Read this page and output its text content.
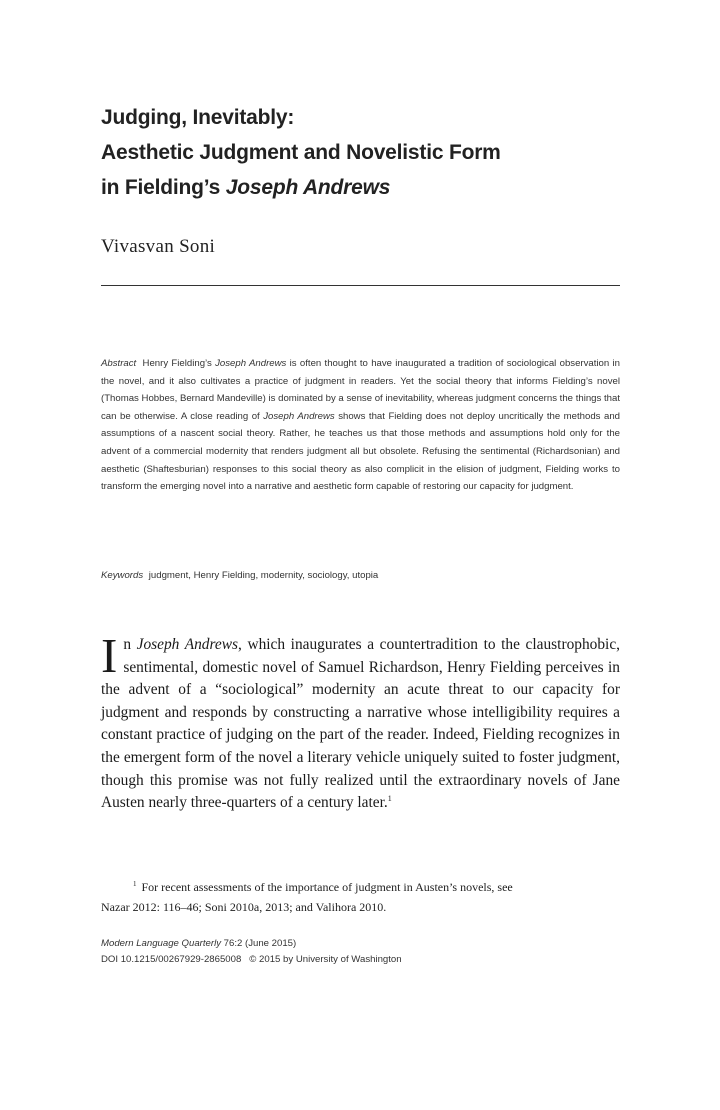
Judging, Inevitably:
Aesthetic Judgment and Novelistic Form
in Fielding’s Joseph Andrews
Vivasvan Soni
Abstract Henry Fielding’s Joseph Andrews is often thought to have inaugurated a tradition of sociological observation in the novel, and it also cultivates a practice of judgment in readers. Yet the social theory that informs Fielding’s novel (Thomas Hobbes, Bernard Mandeville) is dominated by a sense of inevitability, whereas judgment concerns the things that can be otherwise. A close reading of Joseph Andrews shows that Fielding does not deploy uncritically the methods and assumptions of a nascent social theory. Rather, he teaches us that those methods and assumptions hold only for the advent of a commercial modernity that renders judgment all but obsolete. Refusing the sentimental (Richardsonian) and aesthetic (Shaftesburian) responses to this social theory as also complicit in the elision of judgment, Fielding works to transform the emerging novel into a narrative and aesthetic form capable of restoring our capacity for judgment.
Keywords judgment, Henry Fielding, modernity, sociology, utopia
In Joseph Andrews, which inaugurates a countertradition to the claustrophobic, sentimental, domestic novel of Samuel Richardson, Henry Fielding perceives in the advent of a “sociological” modernity an acute threat to our capacity for judgment and responds by constructing a narrative whose intelligibility requires a constant practice of judging on the part of the reader. Indeed, Fielding recognizes in the emergent form of the novel a literary vehicle uniquely suited to foster judgment, though this promise was not fully realized until the extraordinary novels of Jane Austen nearly three-quarters of a century later.$^1$
$^1$ For recent assessments of the importance of judgment in Austen’s novels, see
Nazar 2012: 116–46; Soni 2010a, 2013; and Valihora 2010.
Modern Language Quarterly 76:2 (June 2015)
DOI 10.1215/00267929-2865008 © 2015 by University of Washington
